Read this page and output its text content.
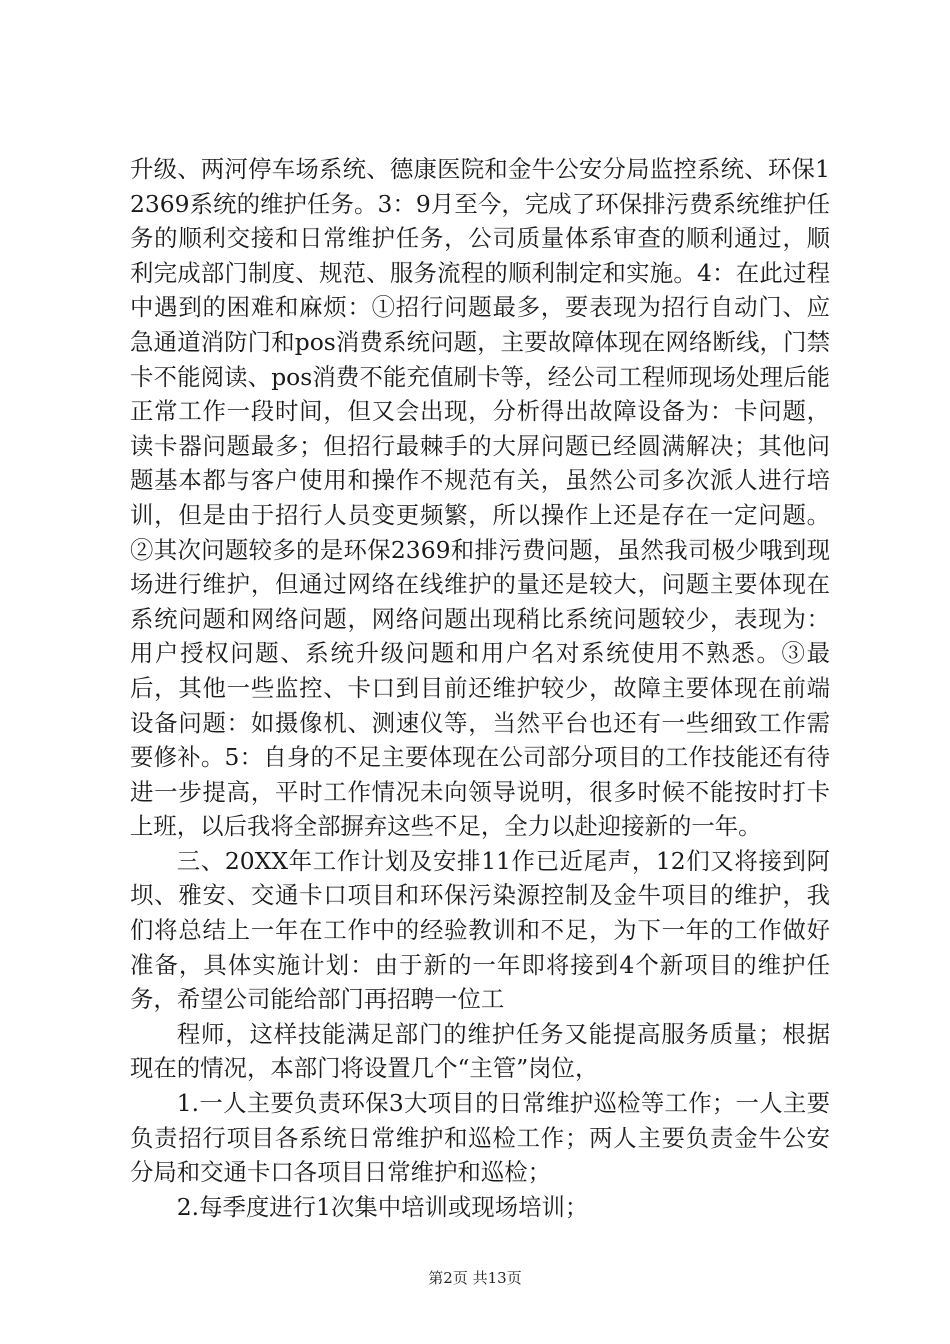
升级、两河停车场系统、德康医院和金牛公安分局监控系统、环保12369系统的维护任务。3：9月至今，完成了环保排污费系统维护任务的顺利交接和日常维护任务，公司质量体系审查的顺利通过，顺利完成部门制度、规范、服务流程的顺利制定和实施。4：在此过程中遇到的困难和麻烦：①招行问题最多，要表现为招行自动门、应急通道消防门和pos消费系统问题，主要故障体现在网络断线，门禁卡不能阅读、pos消费不能充值刷卡等，经公司工程师现场处理后能正常工作一段时间，但又会出现，分析得出故障设备为：卡问题，读卡器问题最多；但招行最棘手的大屏问题已经圆满解决；其他问题基本都与客户使用和操作不规范有关，虽然公司多次派人进行培训，但是由于招行人员变更频繁，所以操作上还是存在一定问题。②其次问题较多的是环保2369和排污费问题，虽然我司极少哦到现场进行维护，但通过网络在线维护的量还是较大，问题主要体现在系统问题和网络问题，网络问题出现稍比系统问题较少，表现为：用户授权问题、系统升级问题和用户名对系统使用不熟悉。③最后，其他一些监控、卡口到目前还维护较少，故障主要体现在前端设备问题：如摄像机、测速仪等，当然平台也还有一些细致工作需要修补。5：自身的不足主要体现在公司部分项目的工作技能还有待进一步提高，平时工作情况未向领导说明，很多时候不能按时打卡上班，以后我将全部摒弃这些不足，全力以赴迎接新的一年。

三、20XX年工作计划及安排11作已近尾声，12们又将接到阿坝、雅安、交通卡口项目和环保污染源控制及金牛项目的维护，我们将总结上一年在工作中的经验教训和不足，为下一年的工作做好准备，具体实施计划：由于新的一年即将接到4个新项目的维护任务，希望公司能给部门再招聘一位工

程师，这样技能满足部门的维护任务又能提高服务质量；根据现在的情况，本部门将设置几个“主管”岗位，

1.一人主要负责环保3大项目的日常维护巡检等工作；一人主要负责招行项目各系统日常维护和巡检工作；两人主要负责金牛公安分局和交通卡口各项目日常维护和巡检；

2.每季度进行1次集中培训或现场培训；

第2页 共13页
